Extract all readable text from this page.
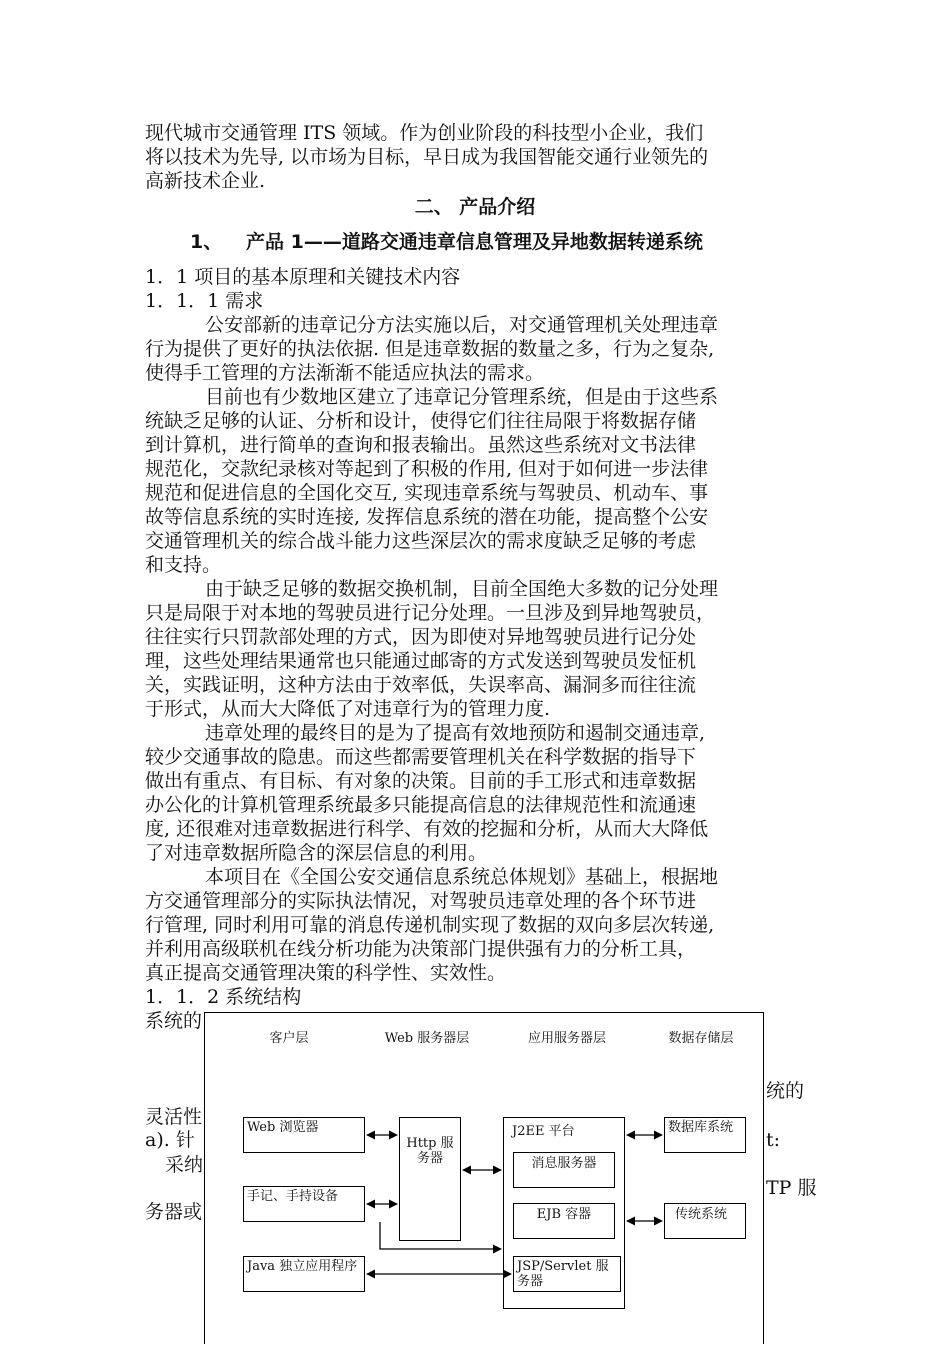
现代城市交通管理 ITS 领域。作为创业阶段的科技型小企业，我们
将以技术为先导, 以市场为目标，早日成为我国智能交通行业领先的
高新技术企业.
二、 产品介绍
1、 产品 1——道路交通违章信息管理及异地数据转递系统
1．1 项目的基本原理和关键技术内容
1．1．1 需求
公安部新的违章记分方法实施以后，对交通管理机关处理违章
行为提供了更好的执法依据. 但是违章数据的数量之多，行为之复杂,
使得手工管理的方法渐渐不能适应执法的需求。
目前也有少数地区建立了违章记分管理系统，但是由于这些系
统缺乏足够的认证、分析和设计，使得它们往往局限于将数据存储
到计算机，进行简单的查询和报表输出。虽然这些系统对文书法律
规范化，交款纪录核对等起到了积极的作用, 但对于如何进一步法律
规范和促进信息的全国化交互, 实现违章系统与驾驶员、机动车、事
故等信息系统的实时连接, 发挥信息系统的潜在功能，提高整个公安
交通管理机关的综合战斗能力这些深层次的需求度缺乏足够的考虑
和支持。
由于缺乏足够的数据交换机制，目前全国绝大多数的记分处理
只是局限于对本地的驾驶员进行记分处理。一旦涉及到异地驾驶员，
往往实行只罚款部处理的方式，因为即使对异地驾驶员进行记分处
理，这些处理结果通常也只能通过邮寄的方式发送到驾驶员发怔机
关，实践证明，这种方法由于效率低，失误率高、漏洞多而往往流
于形式，从而大大降低了对违章行为的管理力度.
违章处理的最终目的是为了提高有效地预防和遏制交通违章,
较少交通事故的隐患。而这些都需要管理机关在科学数据的指导下
做出有重点、有目标、有对象的决策。目前的手工形式和违章数据
办公化的计算机管理系统最多只能提高信息的法律规范性和流通速
度, 还很难对违章数据进行科学、有效的挖掘和分析，从而大大降低
了对违章数据所隐含的深层信息的利用。
本项目在《全国公安交通信息系统总体规划》基础上，根据地
方交通管理部分的实际执法情况，对驾驶员违章处理的各个环节进
行管理, 同时利用可靠的消息传递机制实现了数据的双向多层次转递,
并利用高级联机在线分析功能为决策部门提供强有力的分析工具，
真正提高交通管理决策的科学性、实效性。
1．1．2 系统结构
系统的
灵活性
a). 针
采纳
务器或
统的
t:
TP 服
客户层	Web 服务器层	应用服务器层	数据存储层
Web 浏览器
手记、手持设备
Java 独立应用程序
Http 服务器
J2EE 平台
消息服务器
EJB 容器
JSP/Servlet 服务器
数据库系统
传统系统
